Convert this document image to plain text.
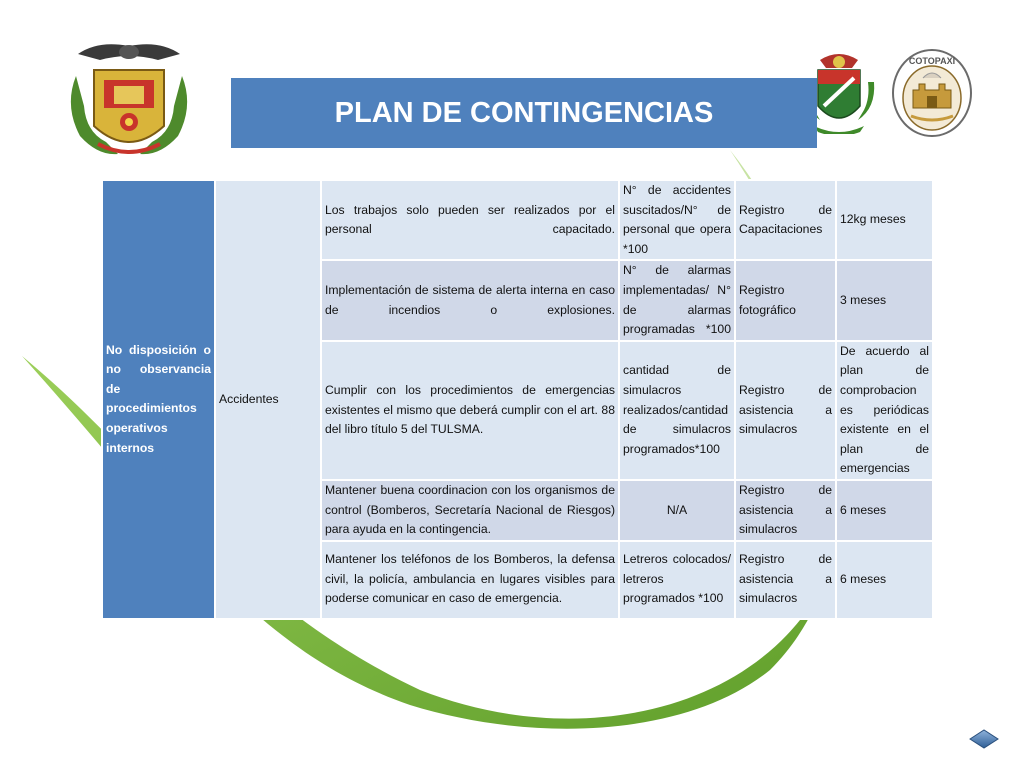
COTOPAXI
PLAN DE CONTINGENCIAS
No disposición o no observancia de procedimientos operativos internos	Accidentes	Los trabajos solo pueden ser realizados por el personal capacitado.	N° de accidentes suscitados/N° de personal que opera *100	Registro de Capacitaciones	12kg meses
		Implementación de sistema de alerta interna en caso de incendios o explosiones.	N° de alarmas implementadas/ N° de alarmas programadas *100	Registro fotográfico	3 meses
		Cumplir con los procedimientos de emergencias existentes el mismo que deberá cumplir con el art. 88 del libro título 5 del TULSMA.	cantidad de simulacros realizados/cantidad de simulacros programados*100	Registro de asistencia a simulacros	De acuerdo al plan de comprobacion es periódicas existente en el plan de emergencias
		Mantener buena coordinacion con los organismos de control (Bomberos, Secretaría Nacional de Riesgos) para ayuda en la contingencia.	N/A	Registro de asistencia a simulacros	6 meses
		Mantener los teléfonos de los Bomberos, la defensa civil, la policía, ambulancia en lugares visibles para poderse comunicar en caso de emergencia.	Letreros colocados/ letreros programados *100	Registro de asistencia a simulacros	6 meses
